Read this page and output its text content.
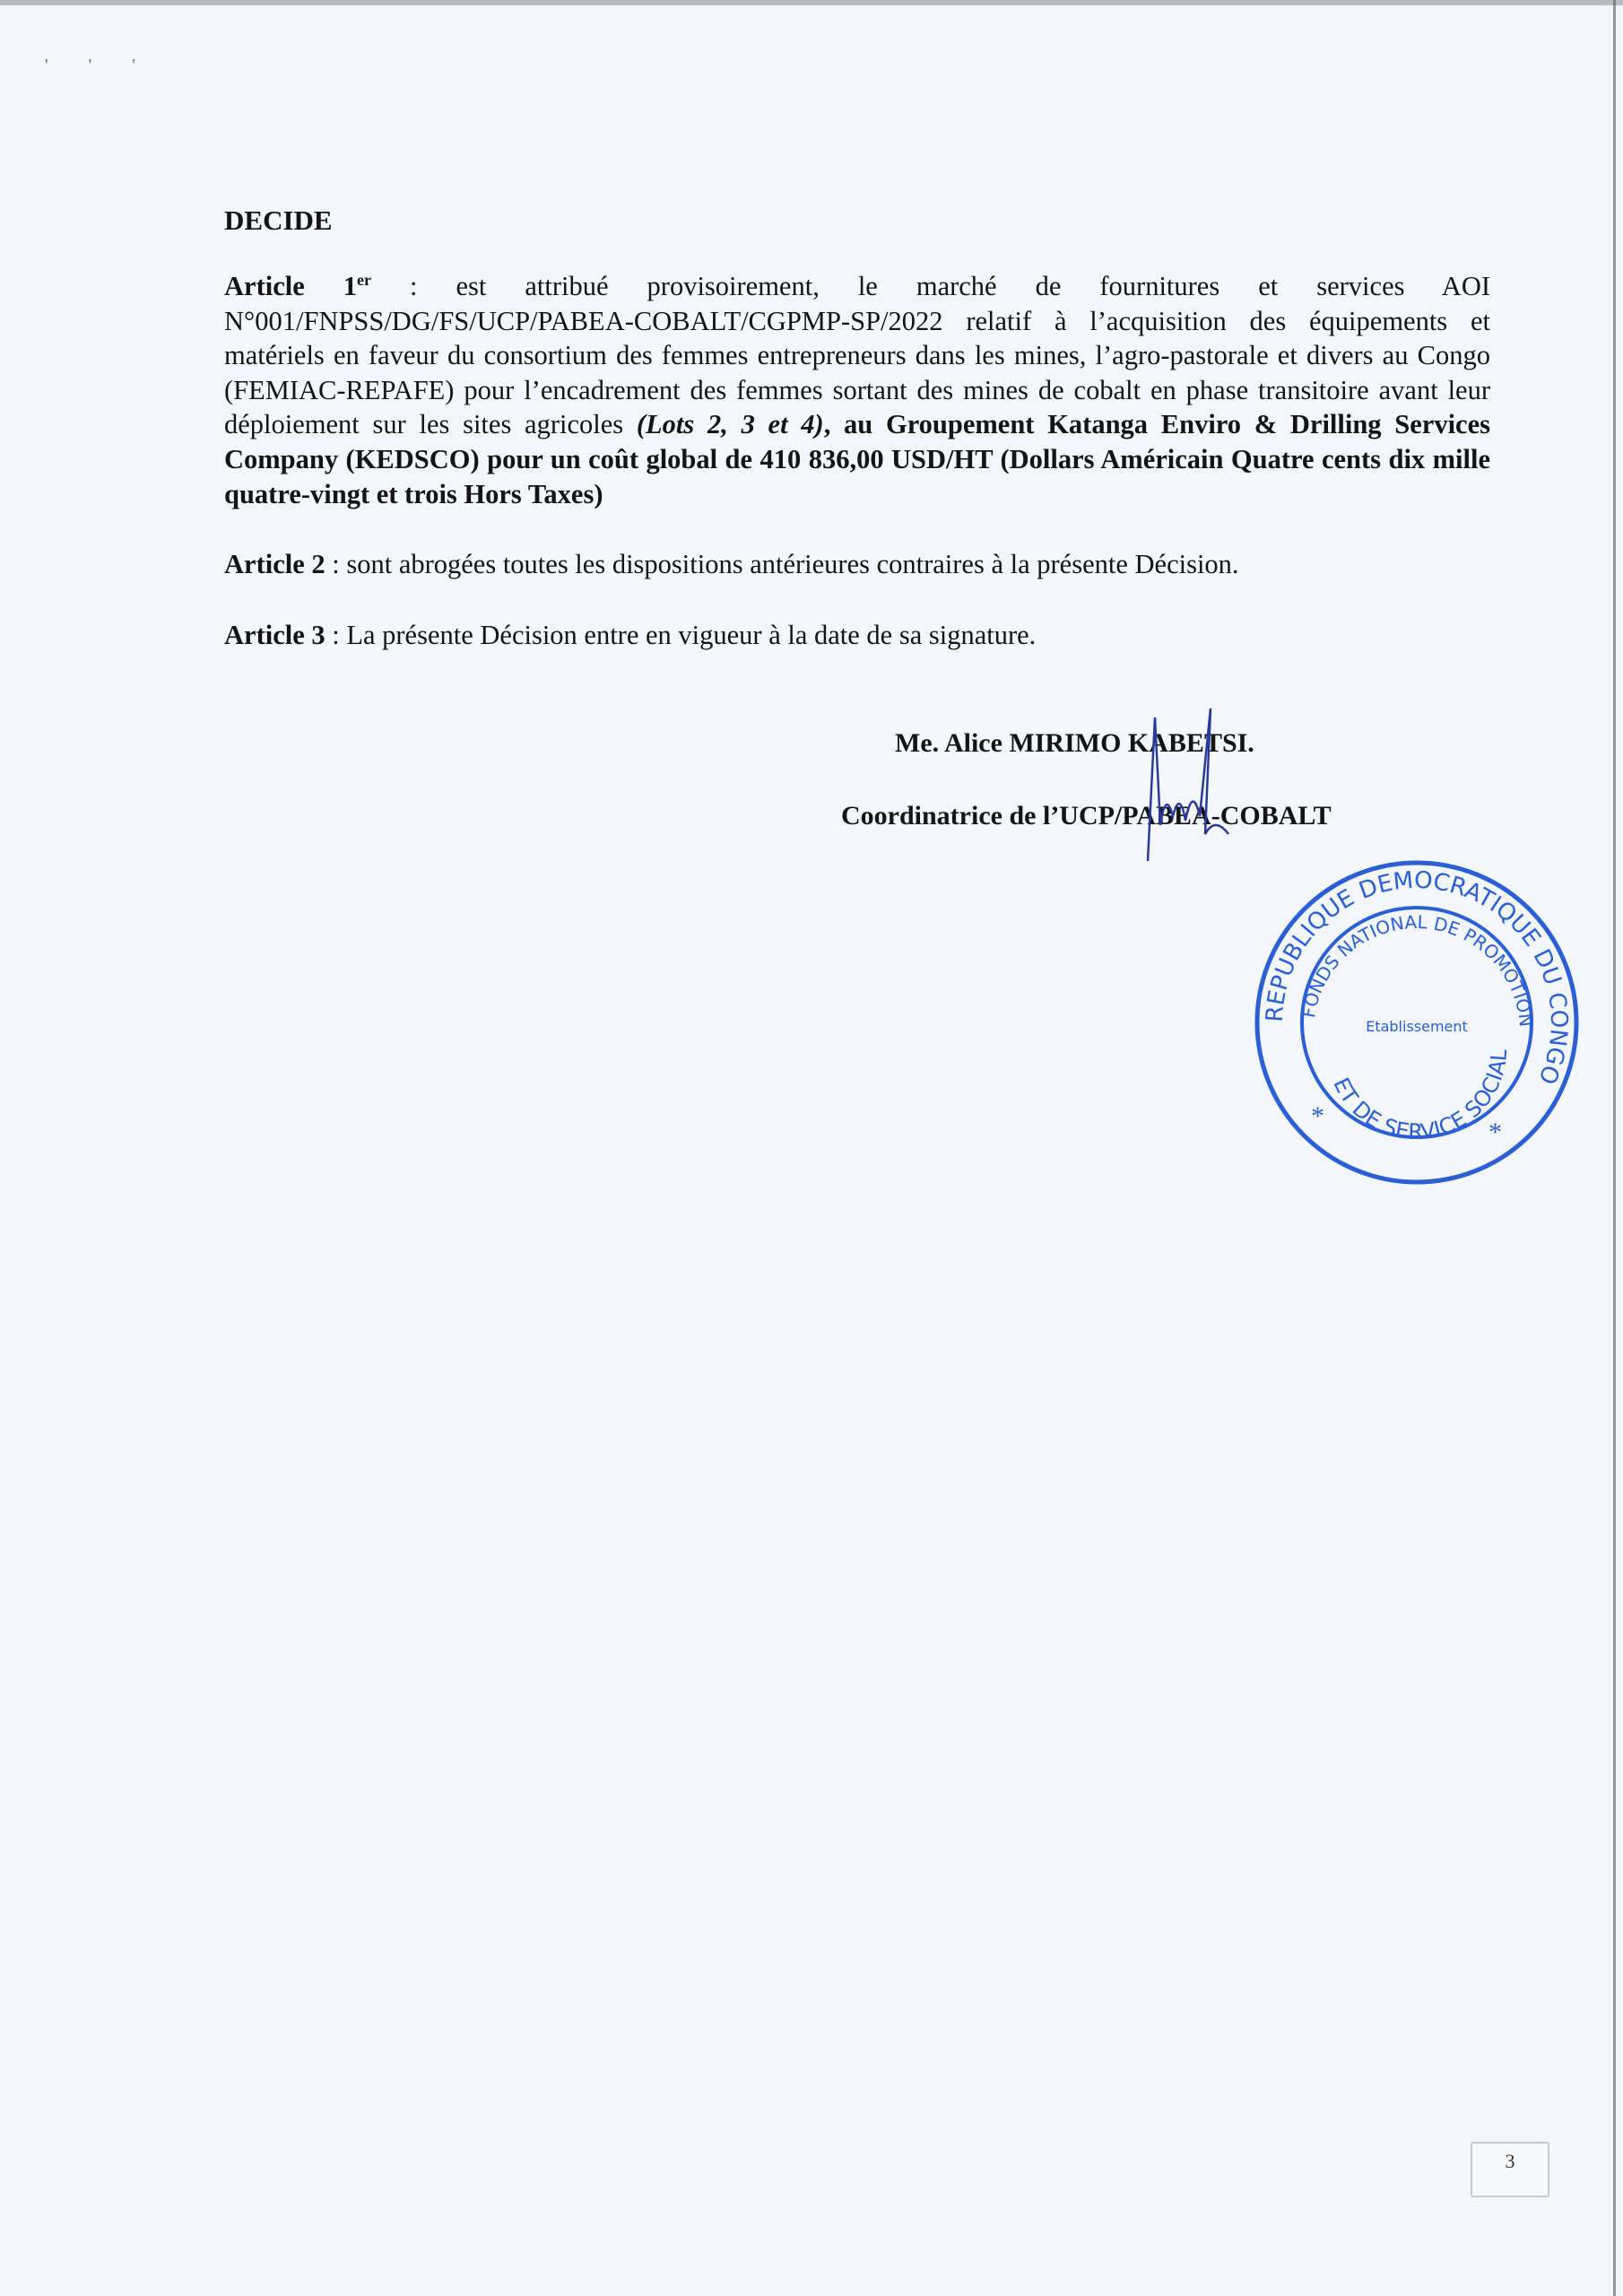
' ' '
DECIDE

Article 1er : est attribué provisoirement, le marché de fournitures et services AOI N°001/FNPSS/DG/FS/UCP/PABEA-COBALT/CGPMP-SP/2022 relatif à l’acquisition des équipements et matériels en faveur du consortium des femmes entrepreneurs dans les mines, l’agro-pastorale et divers au Congo (FEMIAC-REPAFE) pour l’encadrement des femmes sortant des mines de cobalt en phase transitoire avant leur déploiement sur les sites agricoles (Lots 2, 3 et 4), au Groupement Katanga Enviro & Drilling Services Company (KEDSCO) pour un coût global de 410 836,00 USD/HT (Dollars Américain Quatre cents dix mille quatre-vingt et trois Hors Taxes)

Article 2 : sont abrogées toutes les dispositions antérieures contraires à la présente Décision.

Article 3 : La présente Décision entre en vigueur à la date de sa signature.

Me. Alice MIRIMO KABETSI.
Coordinatrice de l’UCP/PABEA-COBALT
REPUBLIQUE DEMOCRATIQUE DU CONGO
FONDS NATIONAL DE PROMOTION
ET DE SERVICE SOCIAL
Etablissement
*
*
3
